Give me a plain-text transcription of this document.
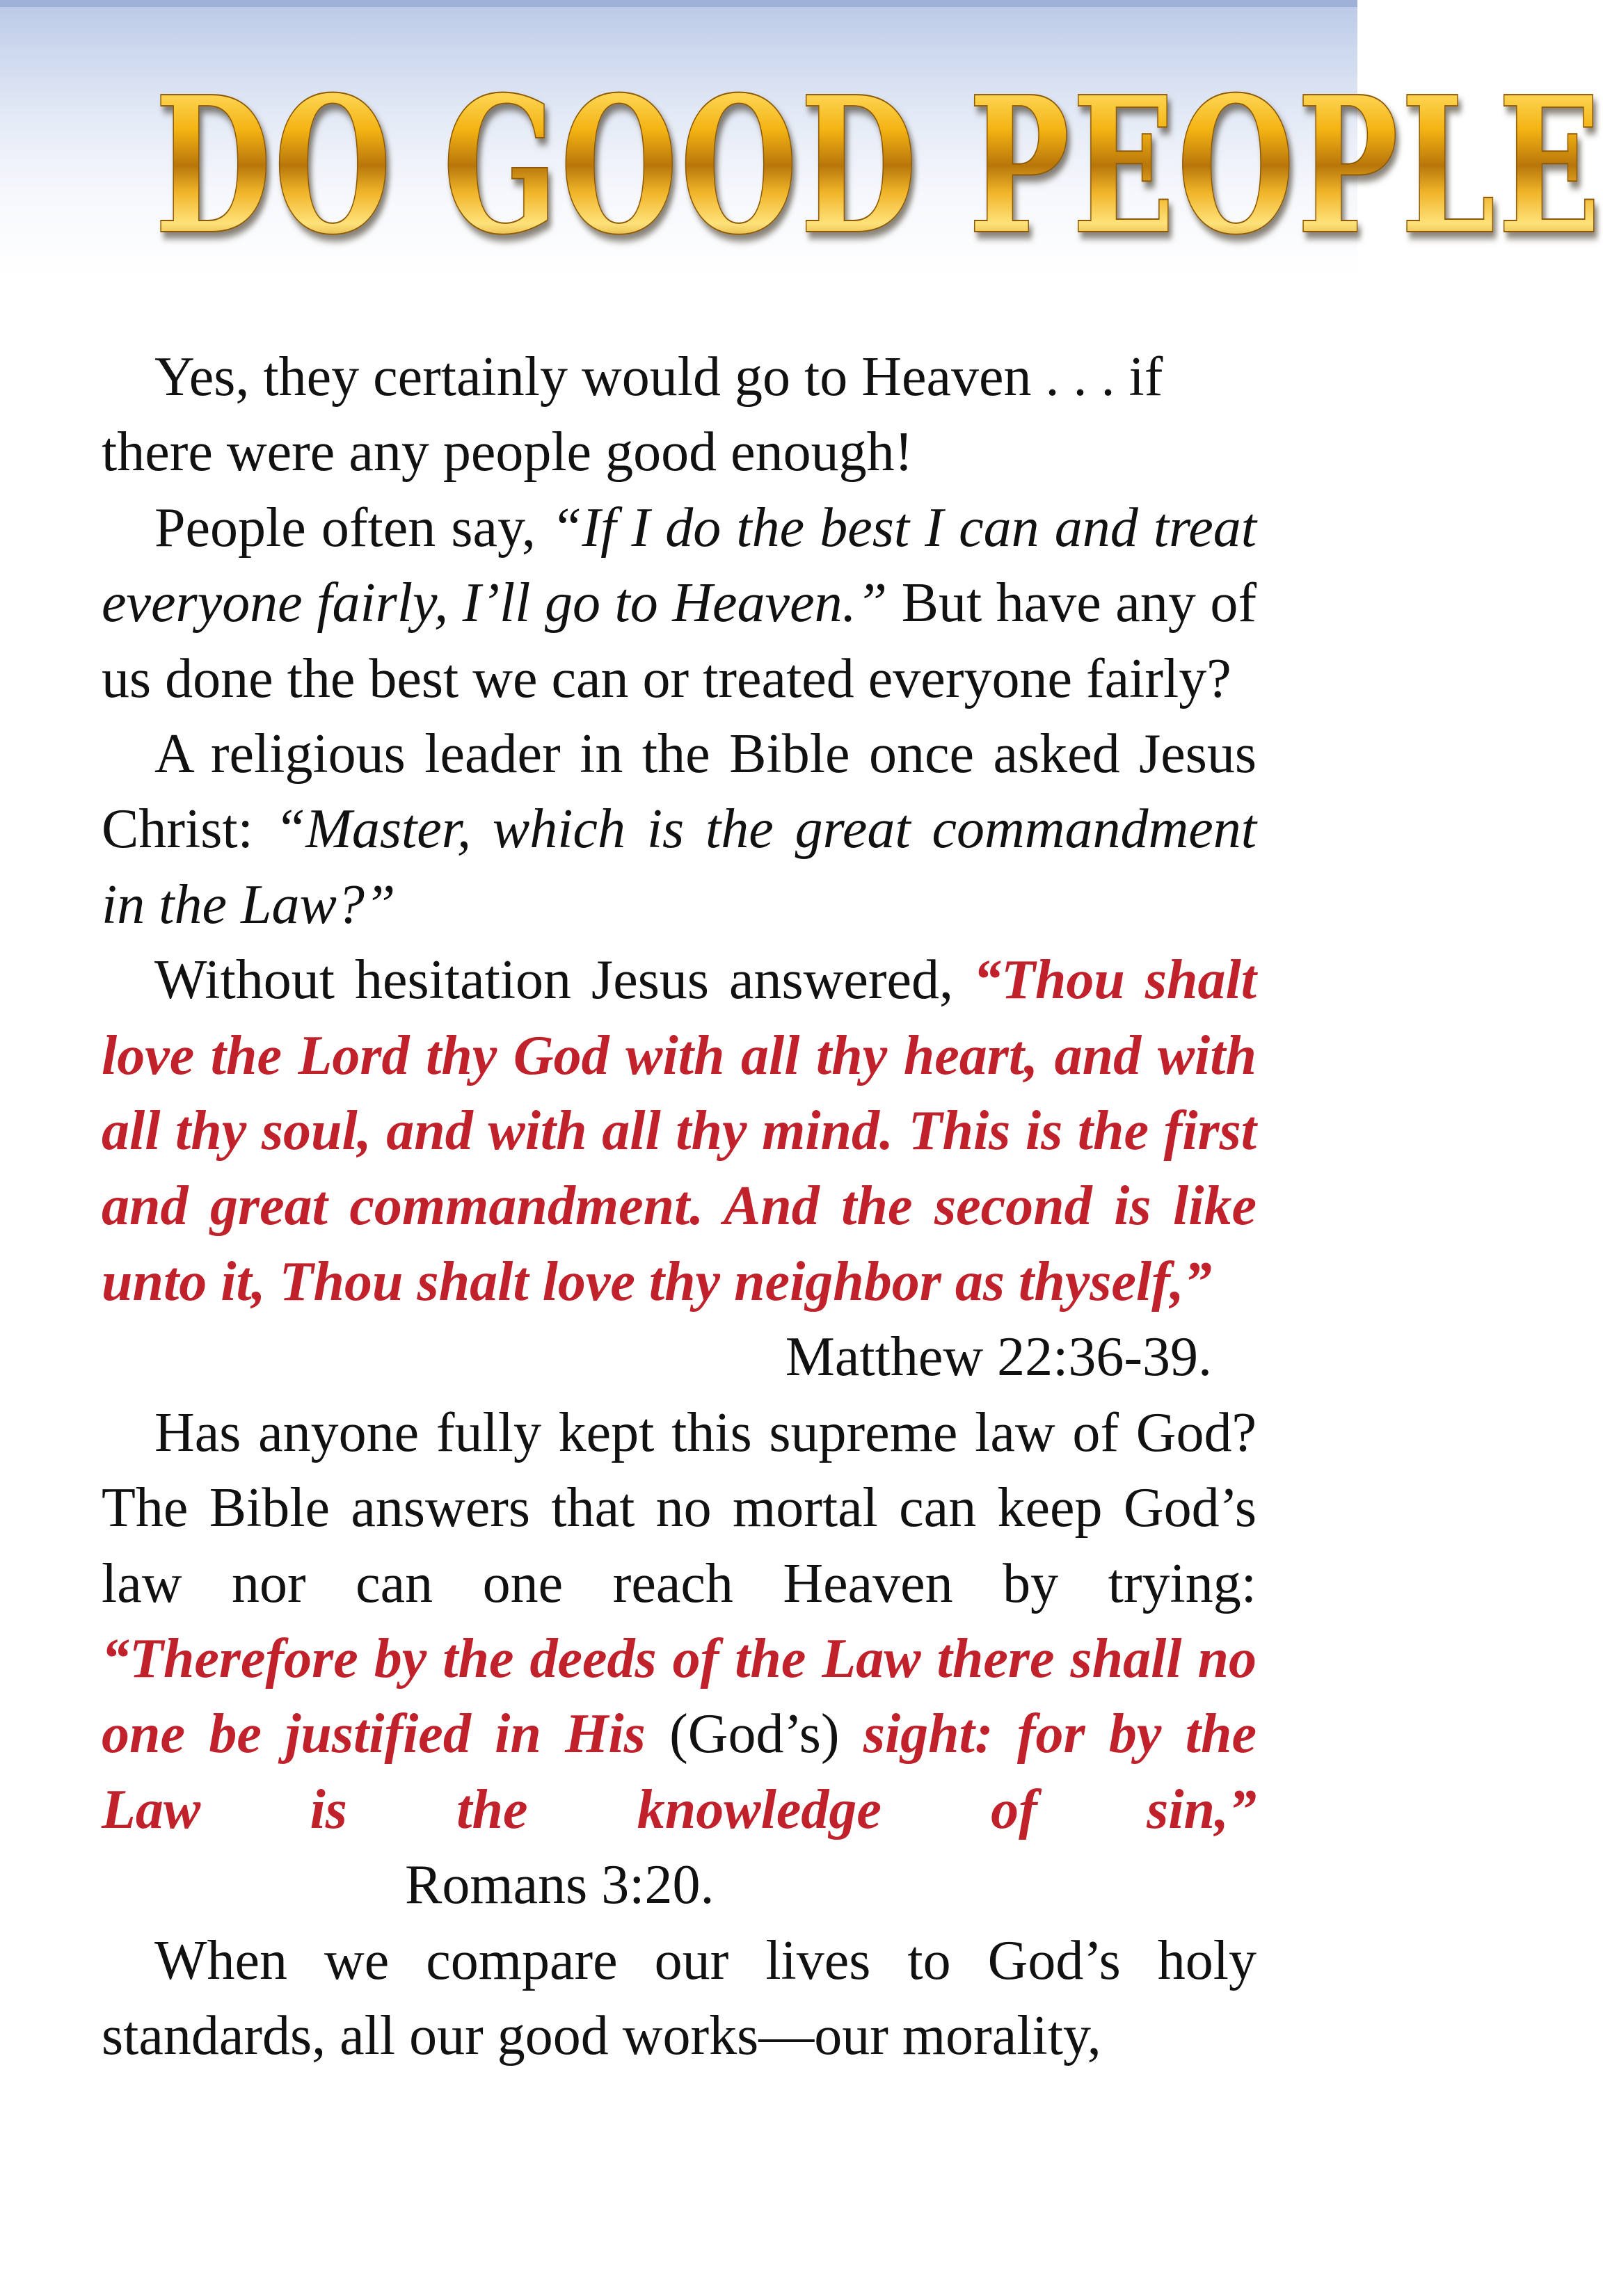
DO GOOD PEOPLE

Yes, they certainly would go to Heaven . . . if there were any people good enough!

People often say, “If I do the best I can and treat everyone fairly, I’ll go to Heaven.” But have any of us done the best we can or treated everyone fairly?

A religious leader in the Bible once asked Jesus Christ: “Master, which is the great commandment in the Law?”

Without hesitation Jesus answered, “Thou shalt love the Lord thy God with all thy heart, and with all thy soul, and with all thy mind. This is the first and great commandment. And the second is like unto it, Thou shalt love thy neighbor as thyself,”

Matthew 22:36-39.

Has anyone fully kept this supreme law of God? The Bible answers that no mortal can keep God’s law nor can one reach Heaven by trying: “Therefore by the deeds of the Law there shall no one be justified in His (God’s) sight: for by the Law is the knowledge of sin,”Romans 3:20.

When we compare our lives to God’s holy standards, all our good works—our morality,
